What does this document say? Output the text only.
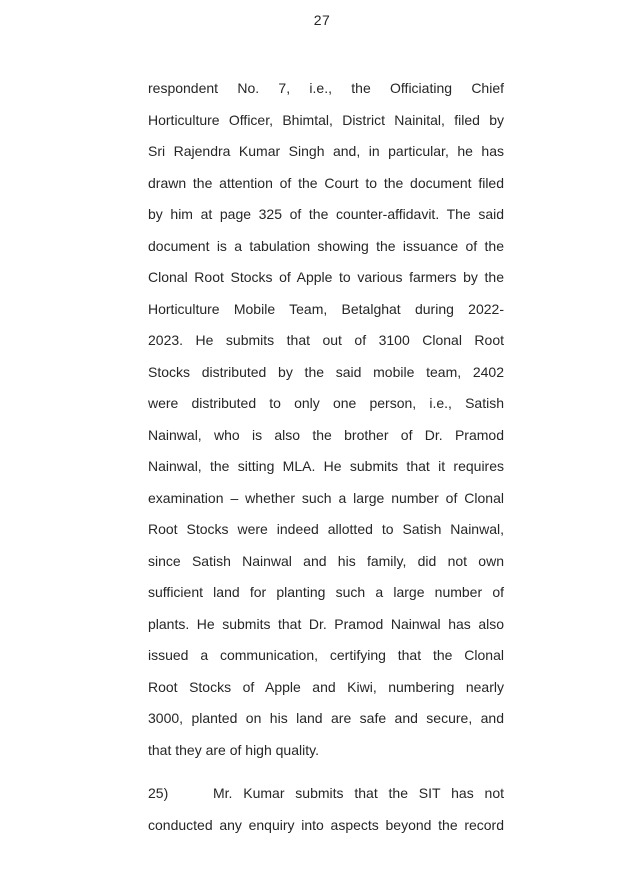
27
respondent No. 7, i.e., the Officiating Chief
Horticulture Officer, Bhimtal, District Nainital, filed by
Sri Rajendra Kumar Singh and, in particular, he has
drawn the attention of the Court to the document filed
by him at page 325 of the counter-affidavit. The said
document is a tabulation showing the issuance of the
Clonal Root Stocks of Apple to various farmers by the
Horticulture Mobile Team, Betalghat during 2022-
2023. He submits that out of 3100 Clonal Root
Stocks distributed by the said mobile team, 2402
were distributed to only one person, i.e., Satish
Nainwal, who is also the brother of Dr. Pramod
Nainwal, the sitting MLA. He submits that it requires
examination – whether such a large number of Clonal
Root Stocks were indeed allotted to Satish Nainwal,
since Satish Nainwal and his family, did not own
sufficient land for planting such a large number of
plants. He submits that Dr. Pramod Nainwal has also
issued a communication, certifying that the Clonal
Root Stocks of Apple and Kiwi, numbering nearly
3000, planted on his land are safe and secure, and
that they are of high quality.
25)	Mr. Kumar submits that the SIT has not
conducted any enquiry into aspects beyond the record
